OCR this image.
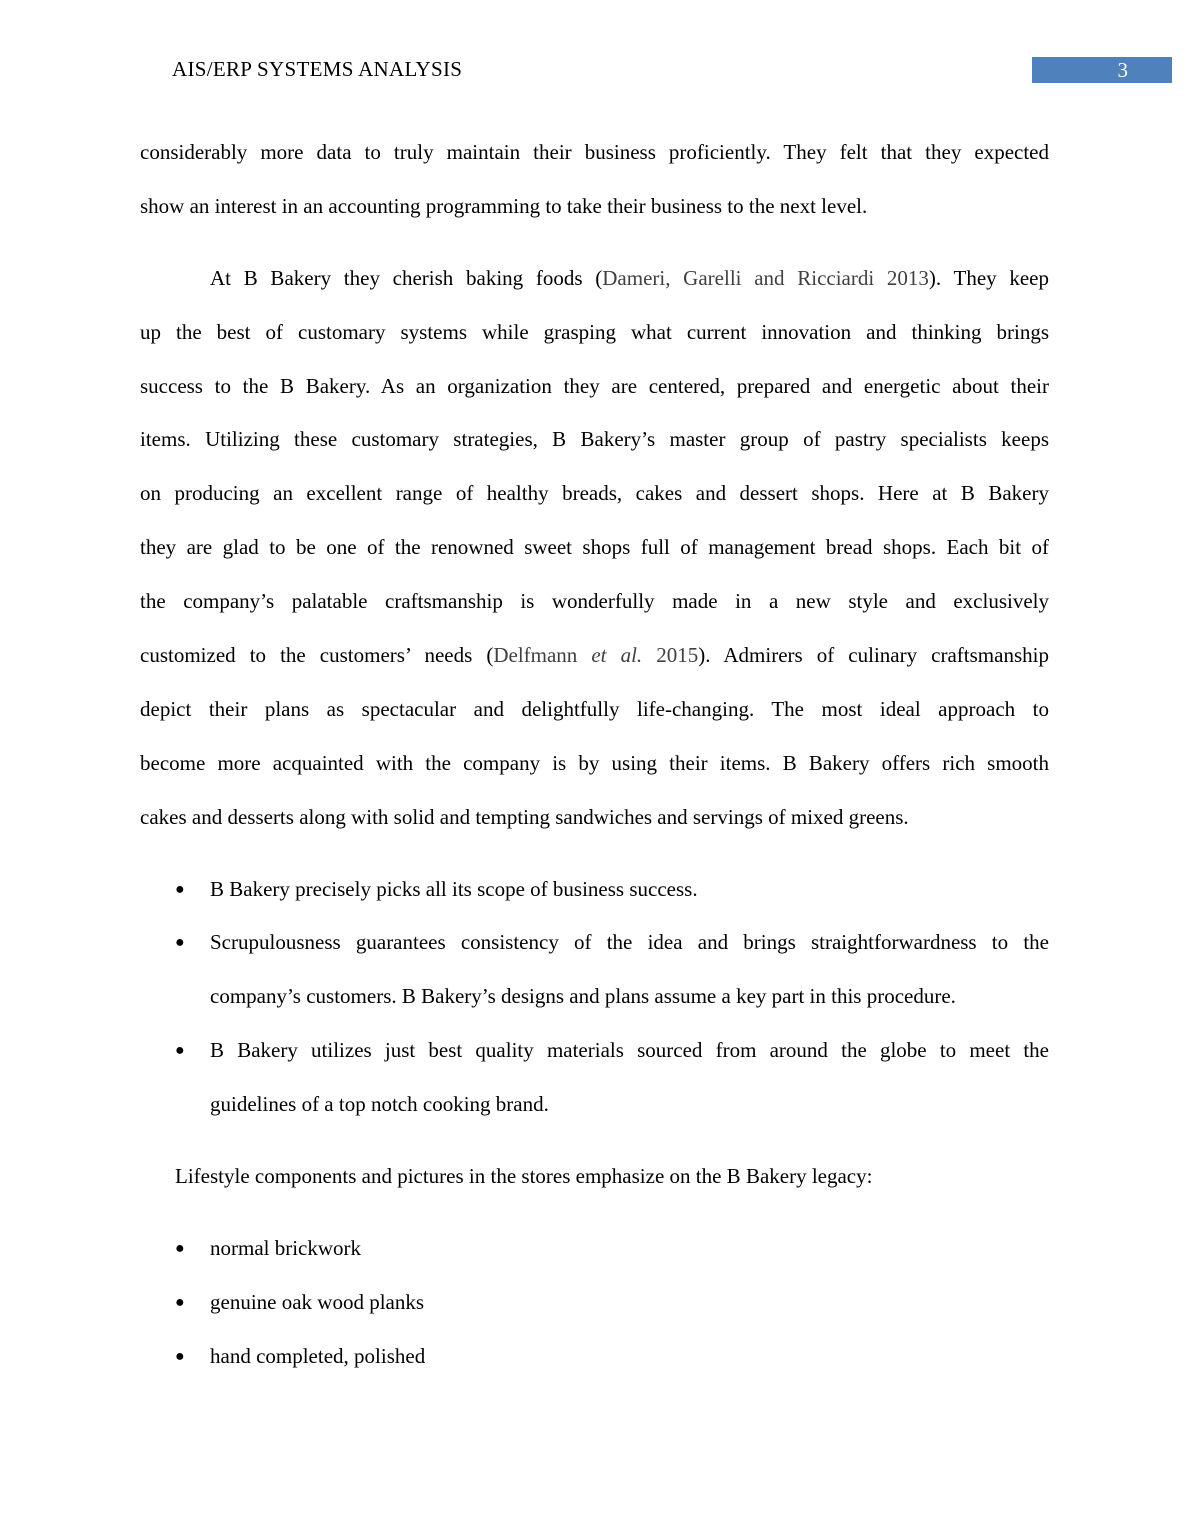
AIS/ERP SYSTEMS ANALYSIS	3
considerably more data to truly maintain their business proficiently. They felt that they expected
show an interest in an accounting programming to take their business to the next level.
At B Bakery they cherish baking foods (Dameri, Garelli and Ricciardi 2013). They keep
up the best of customary systems while grasping what current innovation and thinking brings
success to the B Bakery. As an organization they are centered, prepared and energetic about their
items. Utilizing these customary strategies, B Bakery’s master group of pastry specialists keeps
on producing an excellent range of healthy breads, cakes and dessert shops. Here at B Bakery
they are glad to be one of the renowned sweet shops full of management bread shops. Each bit of
the company’s palatable craftsmanship is wonderfully made in a new style and exclusively
customized to the customers’ needs (Delfmann et al. 2015). Admirers of culinary craftsmanship
depict their plans as spectacular and delightfully life-changing. The most ideal approach to
become more acquainted with the company is by using their items. B Bakery offers rich smooth
cakes and desserts along with solid and tempting sandwiches and servings of mixed greens.
● B Bakery precisely picks all its scope of business success.
● Scrupulousness guarantees consistency of the idea and brings straightforwardness to the
company’s customers. B Bakery’s designs and plans assume a key part in this procedure.
● B Bakery utilizes just best quality materials sourced from around the globe to meet the
guidelines of a top notch cooking brand.
Lifestyle components and pictures in the stores emphasize on the B Bakery legacy:
● normal brickwork
● genuine oak wood planks
● hand completed, polished
